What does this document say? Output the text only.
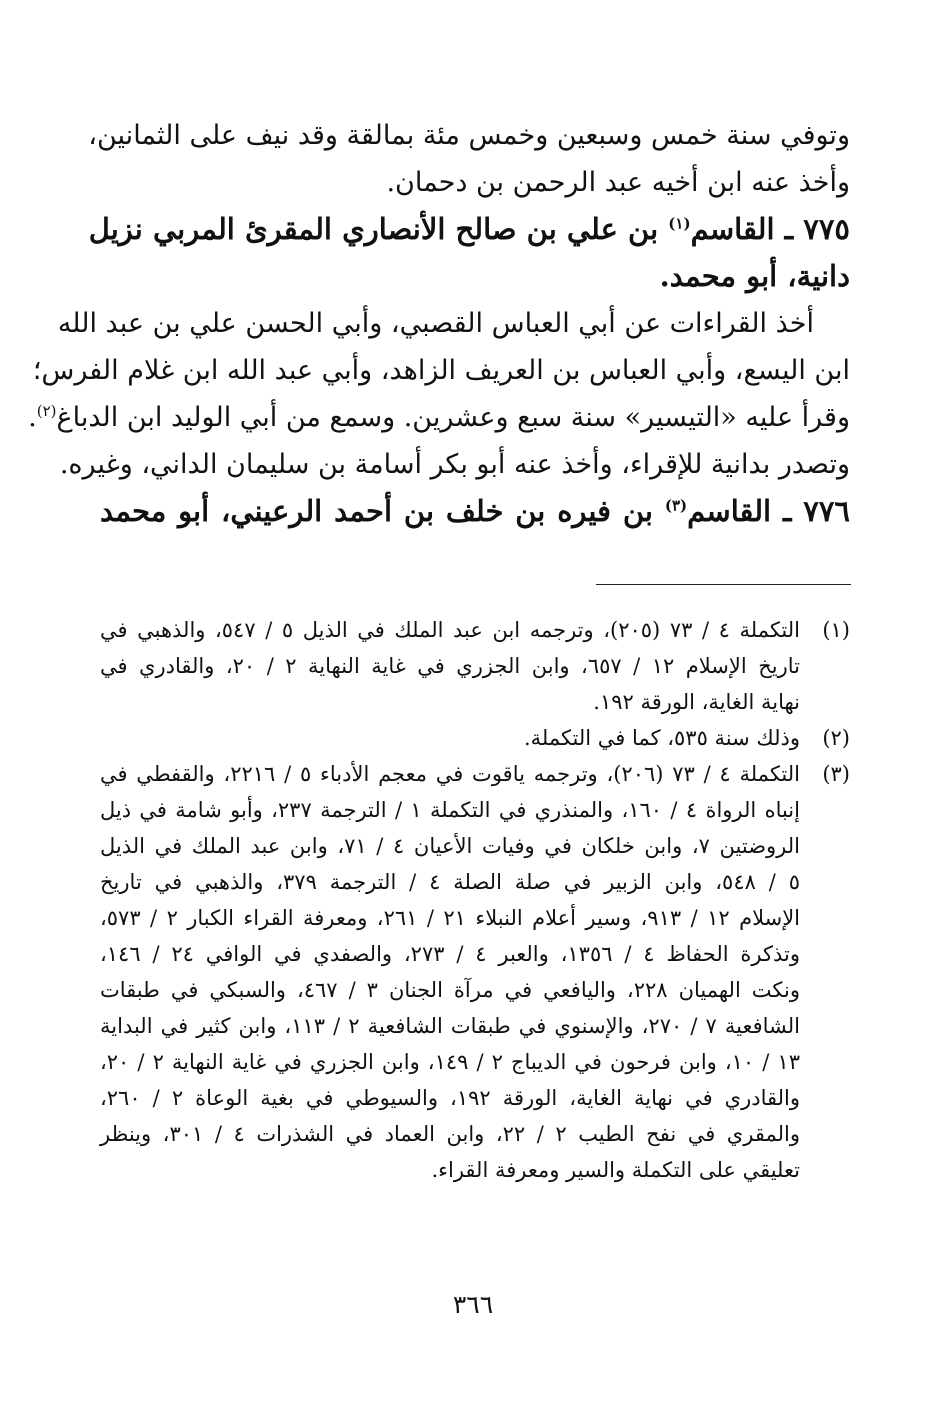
وتوفي سنة خمس وسبعين وخمس مئة بمالقة وقد نيف على الثمانين،
وأخذ عنه ابن أخيه عبد الرحمن بن دحمان.
٧٧٥ ـ القاسم$^{(١)}$ بن علي بن صالح الأنصاري المقرئ المربي نزيل
دانية، أبو محمد.
أخذ القراءات عن أبي العباس القصبي، وأبي الحسن علي بن عبد الله
ابن اليسع، وأبي العباس بن العريف الزاهد، وأبي عبد الله ابن غلام الفرس؛
وقرأ عليه «التيسير» سنة سبع وعشرين. وسمع من أبي الوليد ابن الدباغ$^{(٢)}$.
وتصدر بدانية للإقراء، وأخذ عنه أبو بكر أسامة بن سليمان الداني، وغيره.
٧٧٦ ـ القاسم$^{(٣)}$ بن فيره بن خلف بن أحمد الرعيني، أبو محمد
(١)
التكملة ٤ / ٧٣ (٢٠٥)، وترجمه ابن عبد الملك في الذيل ٥ / ٥٤٧، والذهبي في
تاريخ الإسلام ١٢ / ٦٥٧، وابن الجزري في غاية النهاية ٢ / ٢٠، والقادري في
نهاية الغاية، الورقة ١٩٢.
(٢)
وذلك سنة ٥٣٥، كما في التكملة.
(٣)
التكملة ٤ / ٧٣ (٢٠٦)، وترجمه ياقوت في معجم الأدباء ٥ / ٢٢١٦، والقفطي في
إنباه الرواة ٤ / ١٦٠، والمنذري في التكملة ١ / الترجمة ٢٣٧، وأبو شامة في ذيل
الروضتين ٧، وابن خلكان في وفيات الأعيان ٤ / ٧١، وابن عبد الملك في الذيل
٥ / ٥٤٨، وابن الزبير في صلة الصلة ٤ / الترجمة ٣٧٩، والذهبي في تاريخ
الإسلام ١٢ / ٩١٣، وسير أعلام النبلاء ٢١ / ٢٦١، ومعرفة القراء الكبار ٢ / ٥٧٣،
وتذكرة الحفاظ ٤ / ١٣٥٦، والعبر ٤ / ٢٧٣، والصفدي في الوافي ٢٤ / ١٤٦،
ونكت الهميان ٢٢٨، واليافعي في مرآة الجنان ٣ / ٤٦٧، والسبكي في طبقات
الشافعية ٧ / ٢٧٠، والإسنوي في طبقات الشافعية ٢ / ١١٣، وابن كثير في البداية
١٣ / ١٠، وابن فرحون في الديباج ٢ / ١٤٩، وابن الجزري في غاية النهاية ٢ / ٢٠،
والقادري في نهاية الغاية، الورقة ١٩٢، والسيوطي في بغية الوعاة ٢ / ٢٦٠،
والمقري في نفح الطيب ٢ / ٢٢، وابن العماد في الشذرات ٤ / ٣٠١، وينظر
تعليقي على التكملة والسير ومعرفة القراء.
٣٦٦
